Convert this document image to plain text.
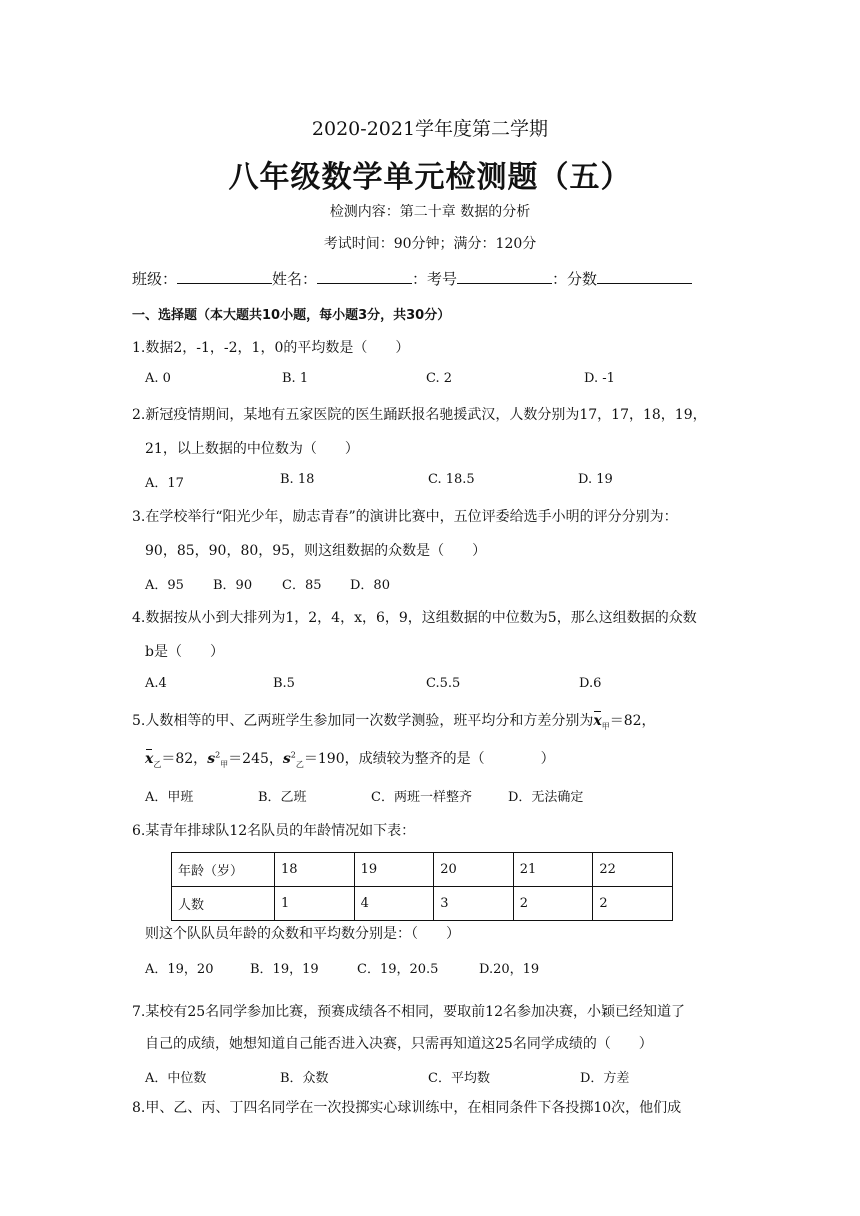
2020-2021学年度第二学期
八年级数学单元检测题（五）
检测内容：第二十章 数据的分析
考试时间：90分钟；满分：120分
班级：	姓名：	：考号	：分数
一、选择题（本大题共10小题，每小题3分，共30分）
1.数据2，-1，-2，1，0的平均数是（　　）
A. 0	B. 1	C. 2	D. -1
2.新冠疫情期间，某地有五家医院的医生踊跃报名驰援武汉，人数分别为17，17，18，19，
21，以上数据的中位数为（　　）
A．17	B. 18	C. 18.5	D. 19
3.在学校举行“阳光少年，励志青春”的演讲比赛中，五位评委给选手小明的评分分别为：
90，85，90，80，95，则这组数据的众数是（　　）
A．95 B．90 C．85 D．80
4.数据按从小到大排列为1，2，4，x，6，9，这组数据的中位数为5，那么这组数据的众数
b是（　　）
A.4	B.5	C.5.5	D.6
5.人数相等的甲、乙两班学生参加同一次数学测验，班平均分和方差分别为$x_甲=82$，
$x_乙=82$，$s^2_甲=245$，$s^2_乙=190$，成绩较为整齐的是（　　　　）
A．甲班	B．乙班	C．两班一样整齐	D．无法确定
6.某青年排球队12名队员的年龄情况如下表：
年龄（岁）	18	19	20	21	22
人数	1	4	3	2	2
则这个队队员年龄的众数和平均数分别是：（　　）
A．19，20	B．19，19	C．19，20.5	D.20，19
7.某校有25名同学参加比赛，预赛成绩各不相同，要取前12名参加决赛，小颖已经知道了
自己的成绩，她想知道自己能否进入决赛，只需再知道这25名同学成绩的（　　）
A．中位数	B．众数	C．平均数	D．方差
8.甲、乙、丙、丁四名同学在一次投掷实心球训练中，在相同条件下各投掷10次，他们成
